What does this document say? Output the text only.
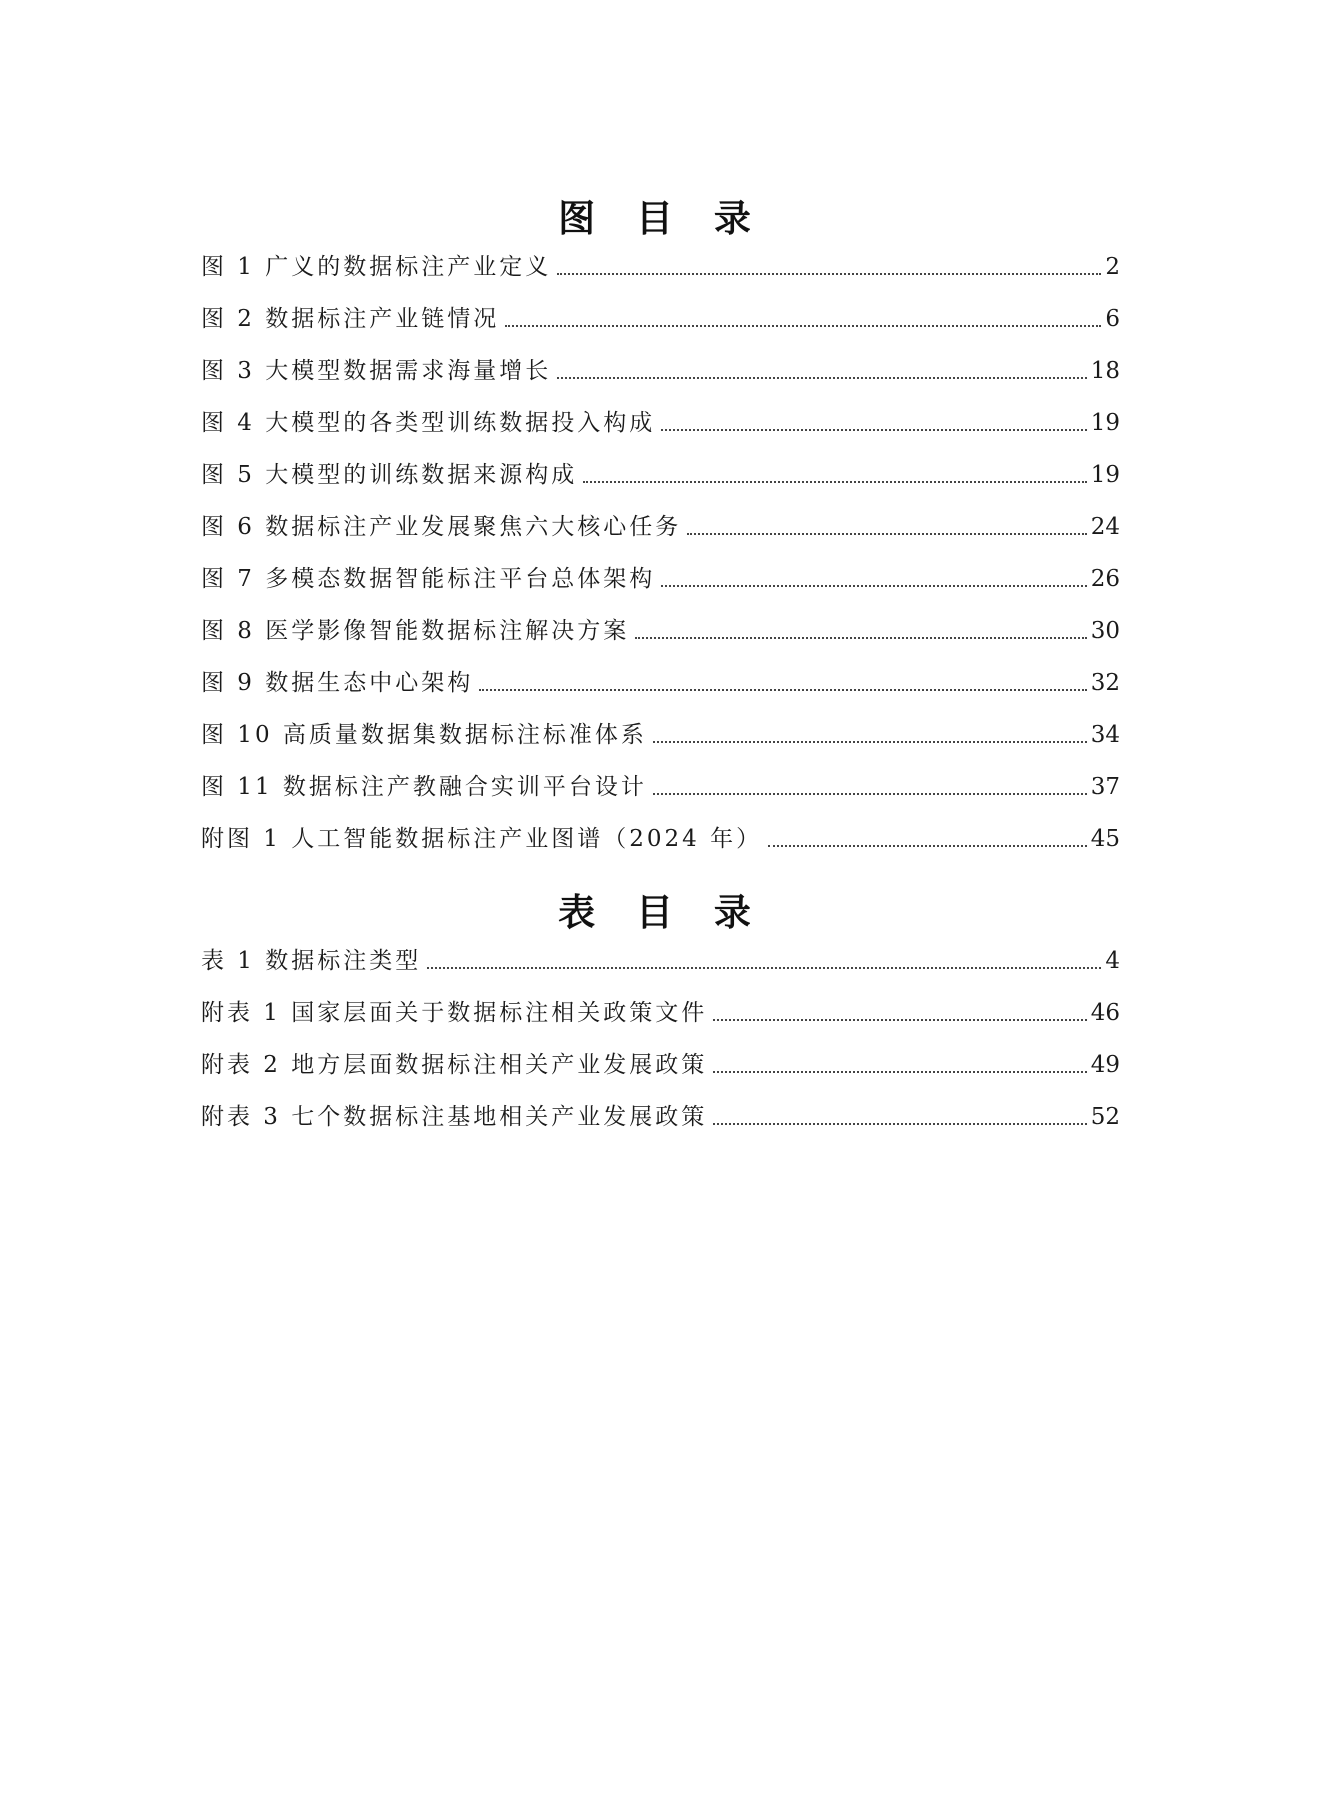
图 目 录
图 1 广义的数据标注产业定义	2
图 2 数据标注产业链情况	6
图 3 大模型数据需求海量增长	18
图 4 大模型的各类型训练数据投入构成	19
图 5 大模型的训练数据来源构成	19
图 6 数据标注产业发展聚焦六大核心任务	24
图 7 多模态数据智能标注平台总体架构	26
图 8 医学影像智能数据标注解决方案	30
图 9 数据生态中心架构	32
图 10 高质量数据集数据标注标准体系	34
图 11 数据标注产教融合实训平台设计	37
附图 1 人工智能数据标注产业图谱（2024 年）	45
表 目 录
表 1 数据标注类型	4
附表 1 国家层面关于数据标注相关政策文件	46
附表 2 地方层面数据标注相关产业发展政策	49
附表 3 七个数据标注基地相关产业发展政策	52
